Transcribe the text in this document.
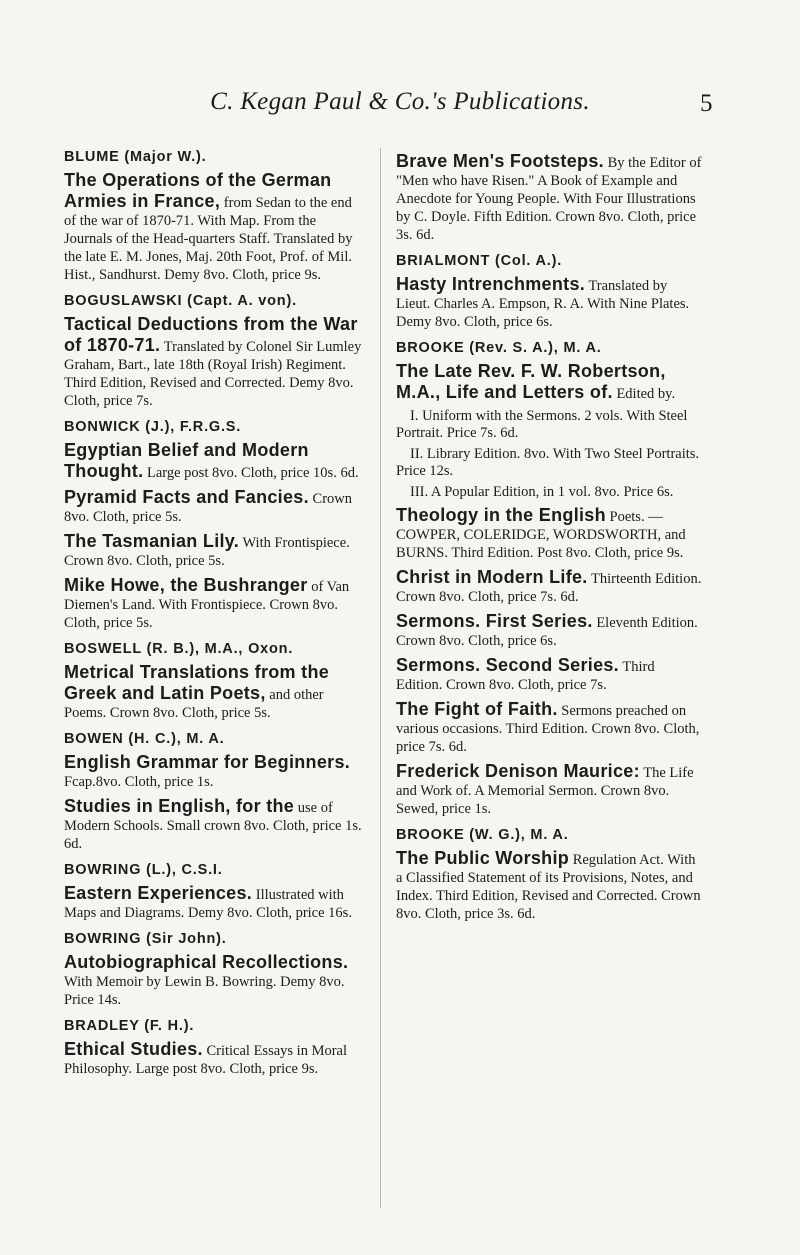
C. Kegan Paul & Co.'s Publications.	5
BLUME (Major W.).
The Operations of the German Armies in France, from Sedan to the end of the war of 1870-71. With Map. From the Journals of the Head-quarters Staff. Translated by the late E. M. Jones, Maj. 20th Foot, Prof. of Mil. Hist., Sandhurst. Demy 8vo. Cloth, price 9s.
BOGUSLAWSKI (Capt. A. von).
Tactical Deductions from the War of 1870-71. Translated by Colonel Sir Lumley Graham, Bart., late 18th (Royal Irish) Regiment. Third Edition, Revised and Corrected. Demy 8vo. Cloth, price 7s.
BONWICK (J.), F.R.G.S.
Egyptian Belief and Modern Thought. Large post 8vo. Cloth, price 10s. 6d.
Pyramid Facts and Fancies. Crown 8vo. Cloth, price 5s.
The Tasmanian Lily. With Frontispiece. Crown 8vo. Cloth, price 5s.
Mike Howe, the Bushranger of Van Diemen's Land. With Frontispiece. Crown 8vo. Cloth, price 5s.
BOSWELL (R. B.), M.A., Oxon.
Metrical Translations from the Greek and Latin Poets, and other Poems. Crown 8vo. Cloth, price 5s.
BOWEN (H. C.), M. A.
English Grammar for Beginners.Fcap.8vo. Cloth, price 1s.
Studies in English, for the use of Modern Schools. Small crown 8vo. Cloth, price 1s. 6d.
BOWRING (L.), C.S.I.
Eastern Experiences. Illustrated with Maps and Diagrams. Demy 8vo. Cloth, price 16s.
BOWRING (Sir John).
Autobiographical Recollections.With Memoir by Lewin B. Bowring. Demy 8vo. Price 14s.
BRADLEY (F. H.).
Ethical Studies. Critical Essays in Moral Philosophy. Large post 8vo. Cloth, price 9s.
Brave Men's Footsteps. By the Editor of "Men who have Risen." A Book of Example and Anecdote for Young People. With Four Illustrations by C. Doyle. Fifth Edition. Crown 8vo. Cloth, price 3s. 6d.
BRIALMONT (Col. A.).
Hasty Intrenchments. Translated by Lieut. Charles A. Empson, R. A. With Nine Plates. Demy 8vo. Cloth, price 6s.
BROOKE (Rev. S. A.), M. A.
The Late Rev. F. W. Robertson, M.A., Life and Letters of. Edited by.
I. Uniform with the Sermons. 2 vols. With Steel Portrait. Price 7s. 6d.
II. Library Edition. 8vo. With Two Steel Portraits. Price 12s.
III. A Popular Edition, in 1 vol. 8vo. Price 6s.
Theology in the English Poets. — COWPER, COLERIDGE, WORDSWORTH, and BURNS. Third Edition. Post 8vo. Cloth, price 9s.
Christ in Modern Life. Thirteenth Edition. Crown 8vo. Cloth, price 7s. 6d.
Sermons. First Series. Eleventh Edition. Crown 8vo. Cloth, price 6s.
Sermons. Second Series. Third Edition. Crown 8vo. Cloth, price 7s.
The Fight of Faith. Sermons preached on various occasions. Third Edition. Crown 8vo. Cloth, price 7s. 6d.
Frederick Denison Maurice: The Life and Work of. A Memorial Sermon. Crown 8vo. Sewed, price 1s.
BROOKE (W. G.), M. A.
The Public Worship Regulation Act. With a Classified Statement of its Provisions, Notes, and Index. Third Edition, Revised and Corrected. Crown 8vo. Cloth, price 3s. 6d.
